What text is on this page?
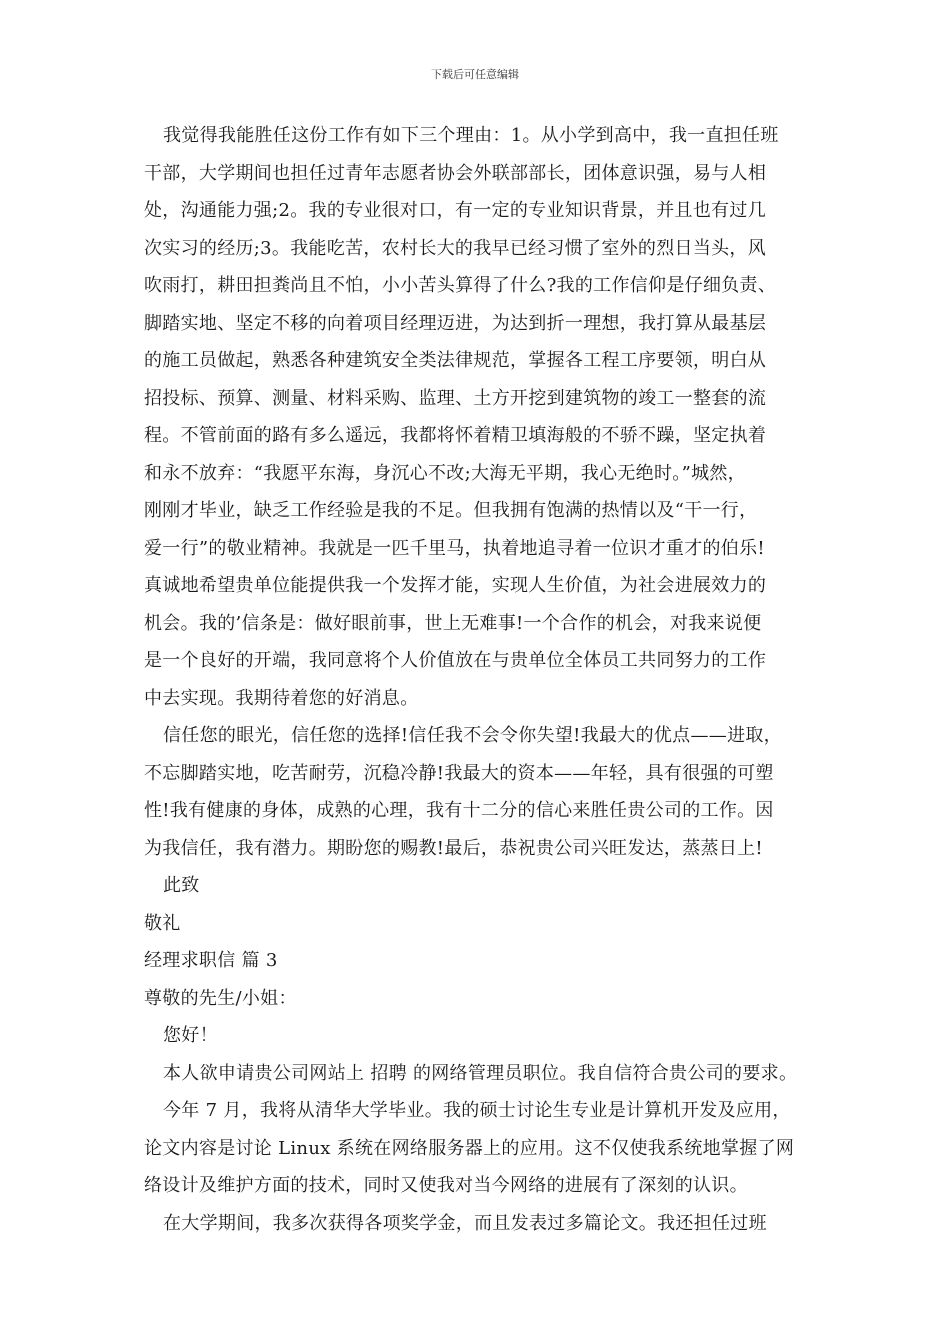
下载后可任意编辑
我觉得我能胜任这份工作有如下三个理由：1。从小学到高中，我一直担任班
干部，大学期间也担任过青年志愿者协会外联部部长，团体意识强，易与人相
处，沟通能力强;2。我的专业很对口，有一定的专业知识背景，并且也有过几
次实习的经历;3。我能吃苦，农村长大的我早已经习惯了室外的烈日当头，风
吹雨打，耕田担粪尚且不怕，小小苦头算得了什么?我的工作信仰是仔细负责、
脚踏实地、坚定不移的向着项目经理迈进，为达到折一理想，我打算从最基层
的施工员做起，熟悉各种建筑安全类法律规范，掌握各工程工序要领，明白从
招投标、预算、测量、材料采购、监理、土方开挖到建筑物的竣工一整套的流
程。不管前面的路有多么遥远，我都将怀着精卫填海般的不骄不躁，坚定执着
和永不放弃：“我愿平东海，身沉心不改;大海无平期，我心无绝时。”城然，
刚刚才毕业，缺乏工作经验是我的不足。但我拥有饱满的热情以及“干一行，
爱一行”的敬业精神。我就是一匹千里马，执着地追寻着一位识才重才的伯乐!
真诚地希望贵单位能提供我一个发挥才能，实现人生价值，为社会进展效力的
机会。我的’信条是：做好眼前事，世上无难事!一个合作的机会，对我来说便
是一个良好的开端，我同意将个人价值放在与贵单位全体员工共同努力的工作
中去实现。我期待着您的好消息。
信任您的眼光，信任您的选择!信任我不会令你失望!我最大的优点——进取，
不忘脚踏实地，吃苦耐劳，沉稳冷静!我最大的资本——年轻，具有很强的可塑
性!我有健康的身体，成熟的心理，我有十二分的信心来胜任贵公司的工作。因
为我信任，我有潜力。期盼您的赐教!最后，恭祝贵公司兴旺发达，蒸蒸日上!
此致
敬礼
经理求职信 篇 3
尊敬的先生/小姐：
您好！
本人欲申请贵公司网站上 招聘 的网络管理员职位。我自信符合贵公司的要求。
今年 7 月，我将从清华大学毕业。我的硕士讨论生专业是计算机开发及应用，
论文内容是讨论 Linux 系统在网络服务器上的应用。这不仅使我系统地掌握了网
络设计及维护方面的技术，同时又使我对当今网络的进展有了深刻的认识。
在大学期间，我多次获得各项奖学金，而且发表过多篇论文。我还担任过班
